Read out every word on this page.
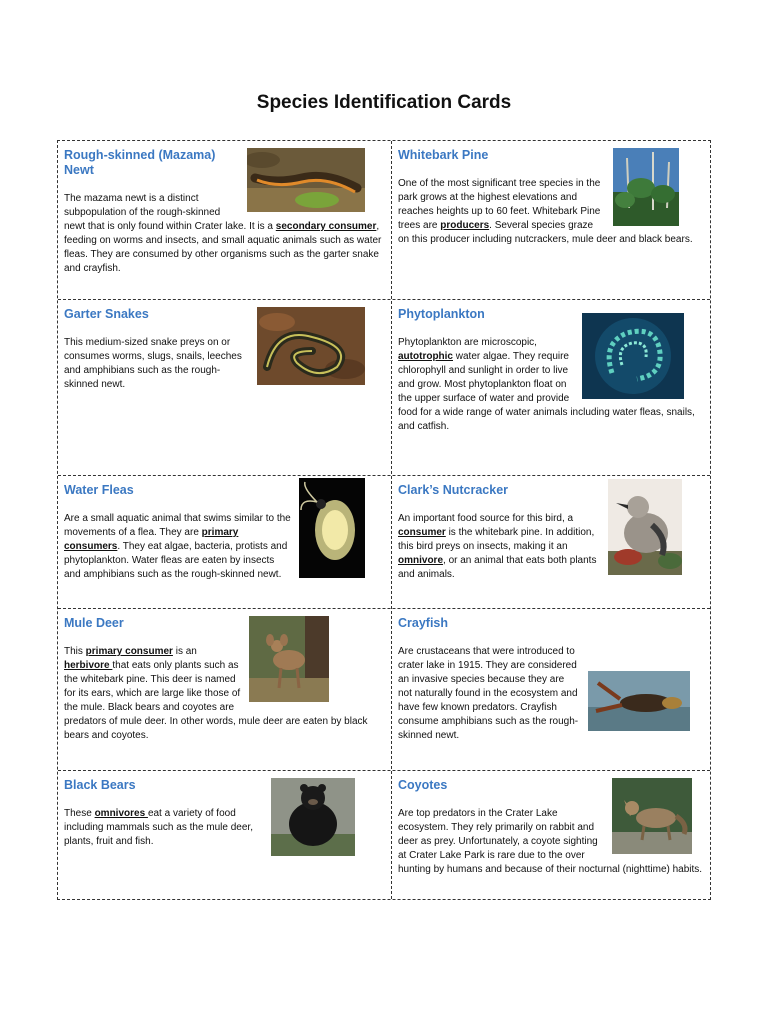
Species Identification Cards
Rough-skinned (Mazama) Newt
The mazama newt is a distinct subpopulation of the rough-skinned newt that is only found within Crater lake. It is a secondary consumer, feeding on worms and insects, and small aquatic animals such as water fleas. They are consumed by other organisms such as the garter snake and crayfish.
Whitebark Pine
One of the most significant tree species in the park grows at the highest elevations and reaches heights up to 60 feet. Whitebark Pine trees are producers. Several species graze on this producer including nutcrackers, mule deer and black bears.
Garter Snakes
This medium-sized snake preys on or consumes worms, slugs, snails, leeches and amphibians such as the rough-skinned newt.
Phytoplankton
Phytoplankton are microscopic, autotrophic water algae. They require chlorophyll and sunlight in order to live and grow. Most phytoplankton float on the upper surface of water and provide food for a wide range of water animals including water fleas, snails, and catfish.
Water Fleas
Are a small aquatic animal that swims similar to the movements of a flea. They are primary consumers. They eat algae, bacteria, protists and phytoplankton. Water fleas are eaten by insects and amphibians such as the rough-skinned newt.
Clark’s Nutcracker
An important food source for this bird, a consumer is the whitebark pine. In addition, this bird preys on insects, making it an omnivore, or an animal that eats both plants and animals.
Mule Deer
This primary consumer is an herbivore that eats only plants such as the whitebark pine. This deer is named for its ears, which are large like those of the mule. Black bears and coyotes are predators of mule deer. In other words, mule deer are eaten by black bears and coyotes.
Crayfish
Are crustaceans that were introduced to crater lake in 1915. They are considered an invasive species because they are not naturally found in the ecosystem and have few known predators. Crayfish consume amphibians such as the rough-skinned newt.
Black Bears
These omnivores eat a variety of food including mammals such as the mule deer, plants, fruit and fish.
Coyotes
Are top predators in the Crater Lake ecosystem. They rely primarily on rabbit and deer as prey. Unfortunately, a coyote sighting at Crater Lake Park is rare due to the over hunting by humans and because of their nocturnal (nighttime) habits.
